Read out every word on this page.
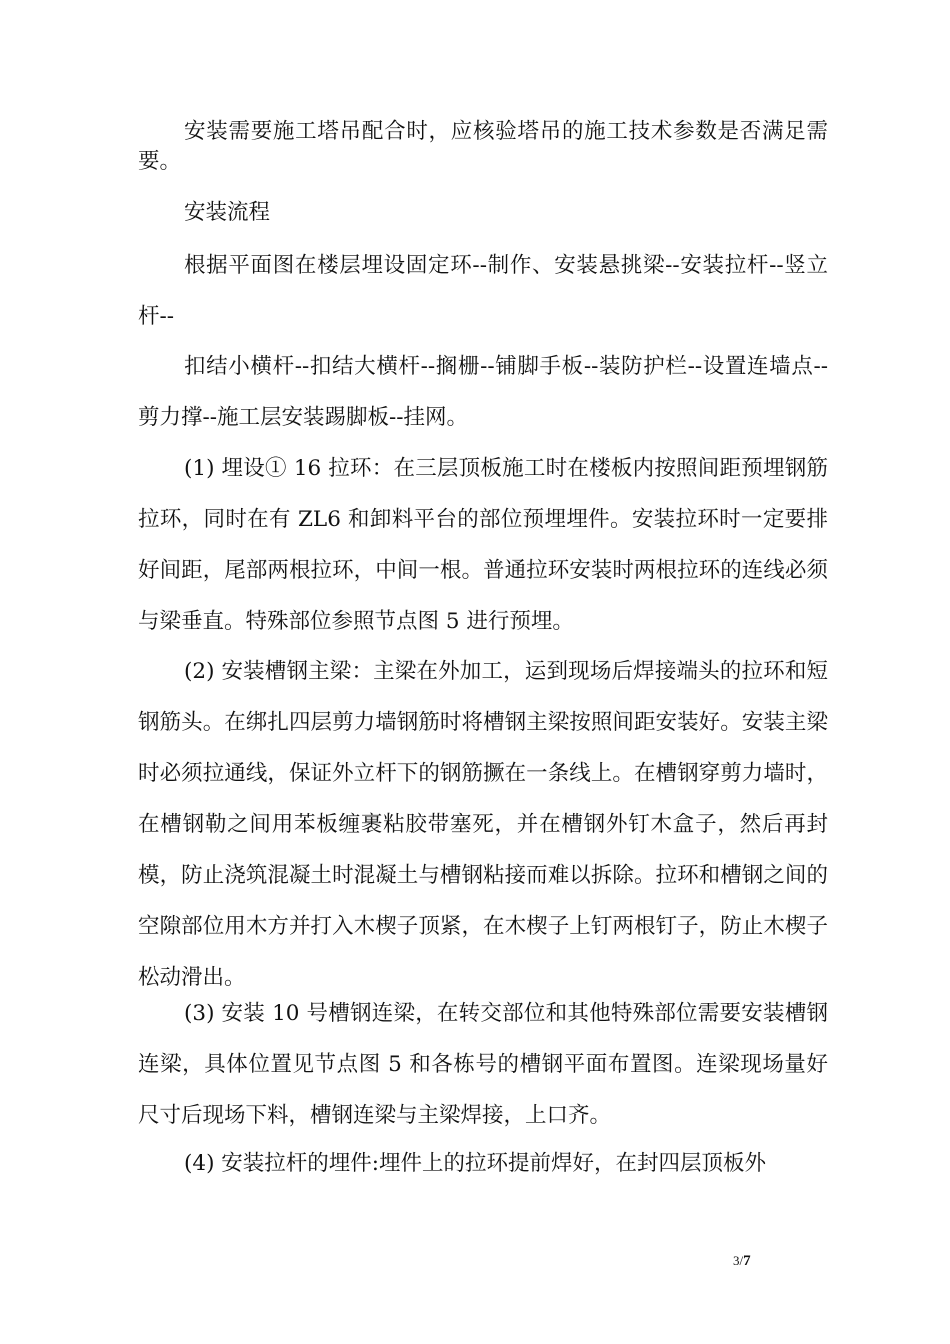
安装需要施工塔吊配合时，应核验塔吊的施工技术参数是否满足需要。

安装流程

根据平面图在楼层埋设固定环--制作、安装悬挑梁--安装拉杆--竖立杆--

扣结小横杆--扣结大横杆--搁栅--铺脚手板--装防护栏--设置连墙点--剪力撑--施工层安装踢脚板--挂网。

(1) 埋设① 16 拉环：在三层顶板施工时在楼板内按照间距预埋钢筋拉环，同时在有 ZL6 和卸料平台的部位预埋埋件。安装拉环时一定要排好间距，尾部两根拉环，中间一根。普通拉环安装时两根拉环的连线必须与梁垂直。特殊部位参照节点图 5 进行预埋。

(2) 安装槽钢主梁：主梁在外加工，运到现场后焊接端头的拉环和短钢筋头。在绑扎四层剪力墙钢筋时将槽钢主梁按照间距安装好。安装主梁时必须拉通线，保证外立杆下的钢筋撅在一条线上。在槽钢穿剪力墙时，在槽钢勒之间用苯板缠裹粘胶带塞死，并在槽钢外钉木盒子，然后再封模，防止浇筑混凝土时混凝土与槽钢粘接而难以拆除。拉环和槽钢之间的空隙部位用木方并打入木楔子顶紧，在木楔子上钉两根钉子，防止木楔子松动滑出。

(3) 安装 10 号槽钢连梁，在转交部位和其他特殊部位需要安装槽钢连梁，具体位置见节点图 5 和各栋号的槽钢平面布置图。连梁现场量好尺寸后现场下料，槽钢连梁与主梁焊接，上口齐。

(4) 安装拉杆的埋件:埋件上的拉环提前焊好，在封四层顶板外

3/7
